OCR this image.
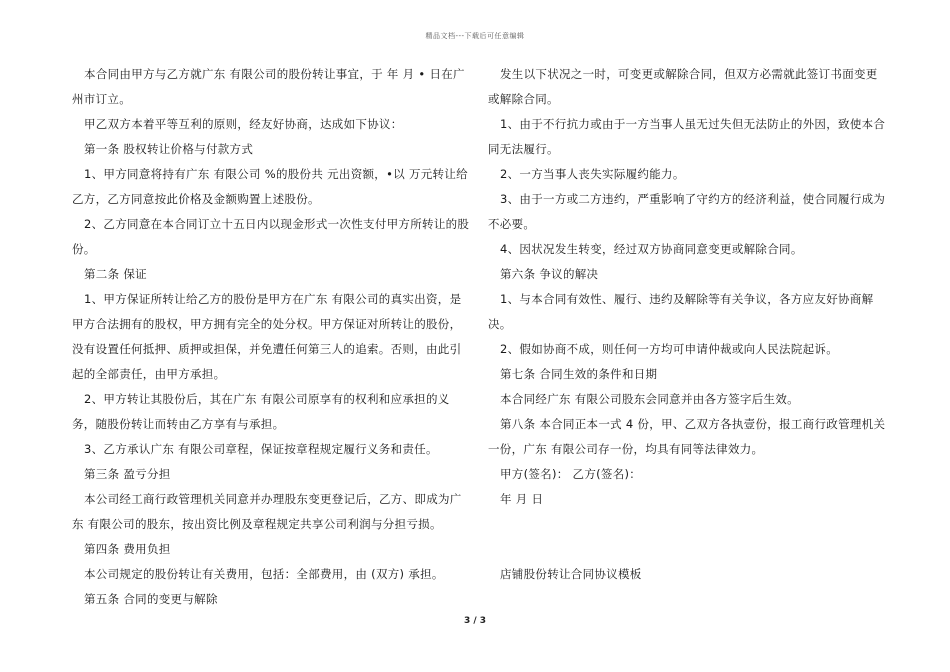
精品文档---下载后可任意编辑

本合同由甲方与乙方就广东 有限公司的股份转让事宜，于 年 月 • 日在广州市订立。

甲乙双方本着平等互利的原则，经友好协商，达成如下协议：

第一条 股权转让价格与付款方式

1、甲方同意将持有广东 有限公司 %的股份共 元出资额，•以 万元转让给乙方，乙方同意按此价格及金额购置上述股份。

2、乙方同意在本合同订立十五日内以现金形式一次性支付甲方所转让的股份。

第二条 保证

1、甲方保证所转让给乙方的股份是甲方在广东 有限公司的真实出资，是甲方合法拥有的股权，甲方拥有完全的处分权。甲方保证对所转让的股份，没有设置任何抵押、质押或担保，并免遭任何第三人的追索。否则，由此引起的全部责任，由甲方承担。

2、甲方转让其股份后，其在广东 有限公司原享有的权利和应承担的义务，随股份转让而转由乙方享有与承担。

3、乙方承认广东 有限公司章程，保证按章程规定履行义务和责任。

第三条 盈亏分担

本公司经工商行政管理机关同意并办理股东变更登记后，乙方、即成为广东 有限公司的股东，按出资比例及章程规定共享公司利润与分担亏损。

第四条 费用负担

本公司规定的股份转让有关费用，包括：全部费用，由 (双方) 承担。

第五条 合同的变更与解除

发生以下状况之一时，可变更或解除合同，但双方必需就此签订书面变更或解除合同。

1、由于不行抗力或由于一方当事人虽无过失但无法防止的外因，致使本合同无法履行。

2、一方当事人丧失实际履约能力。

3、由于一方或二方违约，严重影响了守约方的经济利益，使合同履行成为不必要。

4、因状况发生转变，经过双方协商同意变更或解除合同。

第六条 争议的解决

1、与本合同有效性、履行、违约及解除等有关争议，各方应友好协商解决。

2、假如协商不成，则任何一方均可申请仲裁或向人民法院起诉。

第七条 合同生效的条件和日期

本合同经广东 有限公司股东会同意并由各方签字后生效。

第八条 本合同正本一式 4 份，甲、乙双方各执壹份，报工商行政管理机关一份，广东 有限公司存一份，均具有同等法律效力。

甲方(签名)： 乙方(签名)：

年 月 日

店铺股份转让合同协议模板

3 / 3
